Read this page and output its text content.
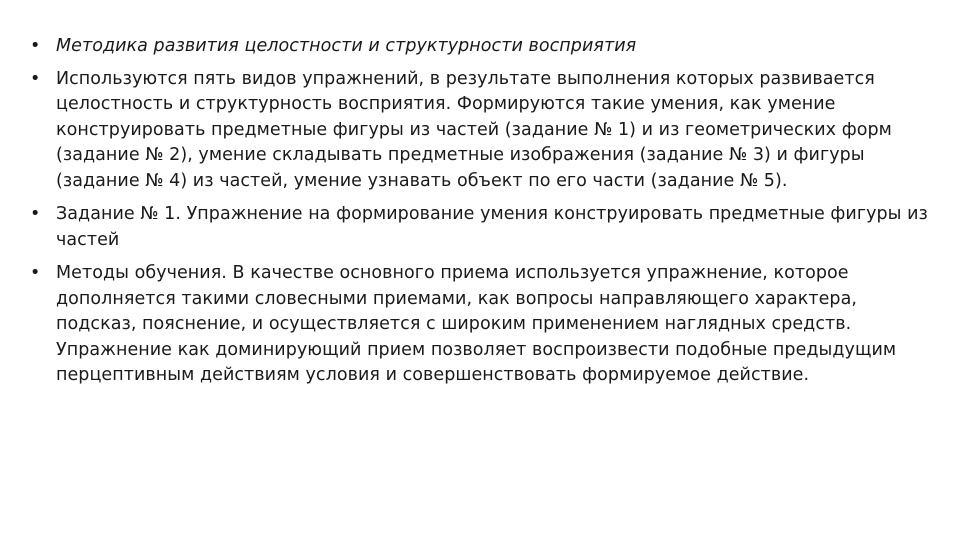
• Методика развития целостности и структурности восприятия
• Используются пять видов упражнений, в результате выполнения которых развивается целостность и структурность восприятия. Формируются такие умения, как умение конструировать предметные фигуры из частей (задание № 1) и из геометрических форм (задание № 2), умение складывать предметные изображения (задание № 3) и фигуры (задание № 4) из частей, умение узнавать объект по его части (задание № 5).
• Задание № 1. Упражнение на формирование умения конструировать предметные фигуры из частей
• Методы обучения. В качестве основного приема используется упражнение, которое дополняется такими словесными приемами, как вопросы направляющего характера, подсказ, пояснение, и осуществляется с широким применением наглядных средств. Упражнение как доминирующий прием позволяет воспроизвести подобные предыдущим перцептивным действиям условия и совершенствовать формируемое действие.
